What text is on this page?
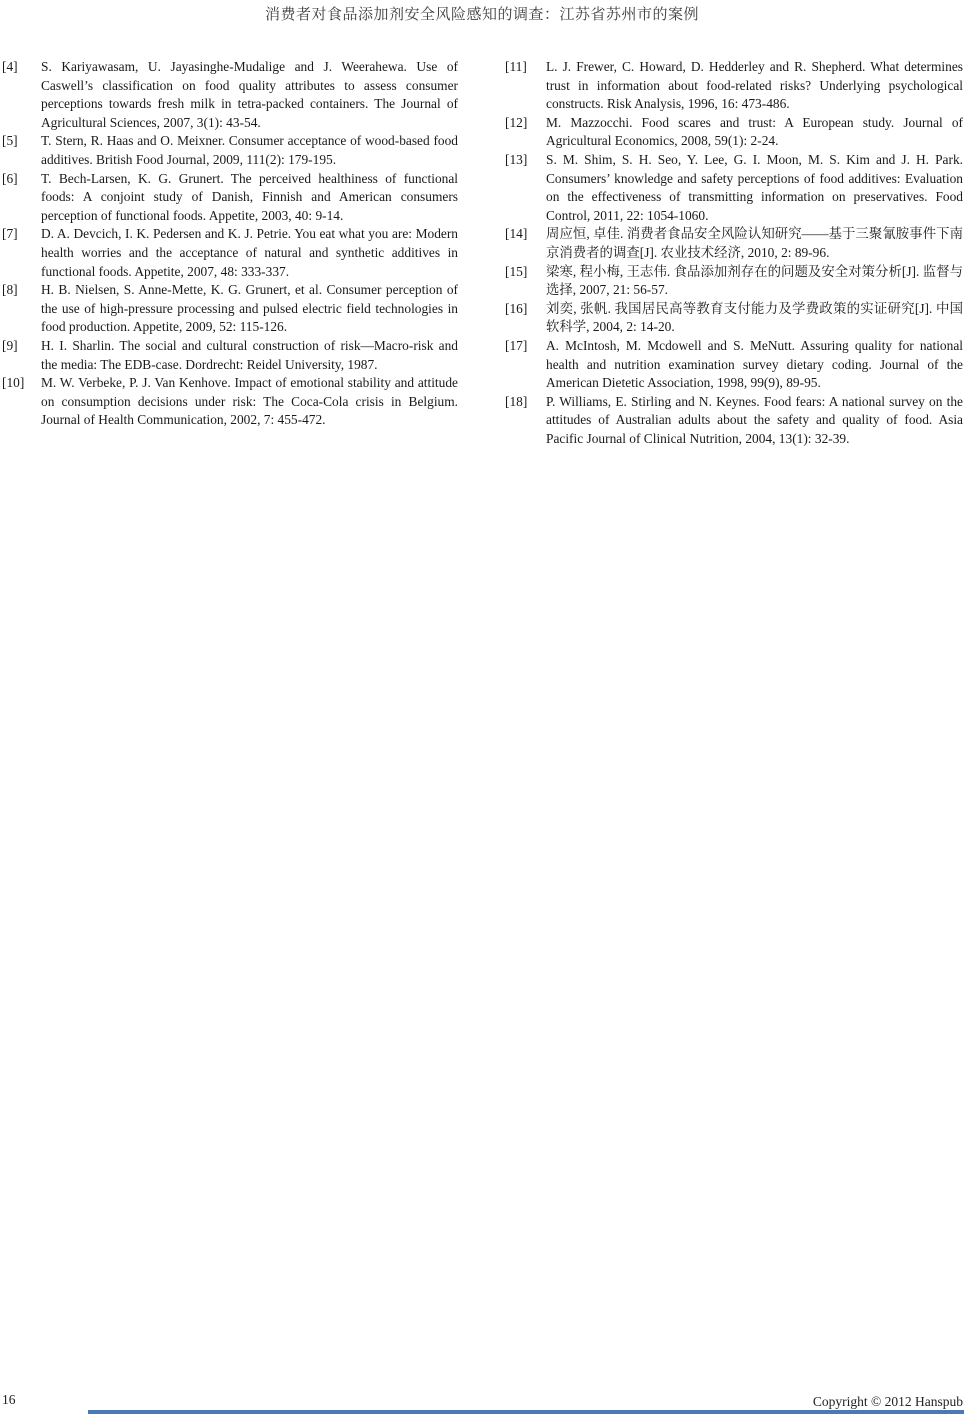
消费者对食品添加剂安全风险感知的调查：江苏省苏州市的案例
[4] S. Kariyawasam, U. Jayasinghe-Mudalige and J. Weerahewa. Use of Caswell’s classification on food quality attributes to assess consumer perceptions towards fresh milk in tetra-packed containers. The Journal of Agricultural Sciences, 2007, 3(1): 43-54.
[5] T. Stern, R. Haas and O. Meixner. Consumer acceptance of wood-based food additives. British Food Journal, 2009, 111(2): 179-195.
[6] T. Bech-Larsen, K. G. Grunert. The perceived healthiness of functional foods: A conjoint study of Danish, Finnish and American consumers perception of functional foods. Appetite, 2003, 40: 9-14.
[7] D. A. Devcich, I. K. Pedersen and K. J. Petrie. You eat what you are: Modern health worries and the acceptance of natural and synthetic additives in functional foods. Appetite, 2007, 48: 333-337.
[8] H. B. Nielsen, S. Anne-Mette, K. G. Grunert, et al. Consumer perception of the use of high-pressure processing and pulsed electric field technologies in food production. Appetite, 2009, 52: 115-126.
[9] H. I. Sharlin. The social and cultural construction of risk—Macro-risk and the media: The EDB-case. Dordrecht: Reidel University, 1987.
[10] M. W. Verbeke, P. J. Van Kenhove. Impact of emotional stability and attitude on consumption decisions under risk: The Coca-Cola crisis in Belgium. Journal of Health Communication, 2002, 7: 455-472.
[11] L. J. Frewer, C. Howard, D. Hedderley and R. Shepherd. What determines trust in information about food-related risks? Underlying psychological constructs. Risk Analysis, 1996, 16: 473-486.
[12] M. Mazzocchi. Food scares and trust: A European study. Journal of Agricultural Economics, 2008, 59(1): 2-24.
[13] S. M. Shim, S. H. Seo, Y. Lee, G. I. Moon, M. S. Kim and J. H. Park. Consumers’ knowledge and safety perceptions of food additives: Evaluation on the effectiveness of transmitting information on preservatives. Food Control, 2011, 22: 1054-1060.
[14] 周应恒, 卓佳. 消费者食品安全风险认知研究——基于三聚氰胺事件下南京消费者的调查[J]. 农业技术经济, 2010, 2: 89-96.
[15] 梁寒, 程小梅, 王志伟. 食品添加剂存在的问题及安全对策分析[J]. 监督与选择, 2007, 21: 56-57.
[16] 刘奕, 张帆. 我国居民高等教育支付能力及学费政策的实证研究[J]. 中国软科学, 2004, 2: 14-20.
[17] A. McIntosh, M. Mcdowell and S. MeNutt. Assuring quality for national health and nutrition examination survey dietary coding. Journal of the American Dietetic Association, 1998, 99(9), 89-95.
[18] P. Williams, E. Stirling and N. Keynes. Food fears: A national survey on the attitudes of Australian adults about the safety and quality of food. Asia Pacific Journal of Clinical Nutrition, 2004, 13(1): 32-39.
16	Copyright © 2012 Hanspub
